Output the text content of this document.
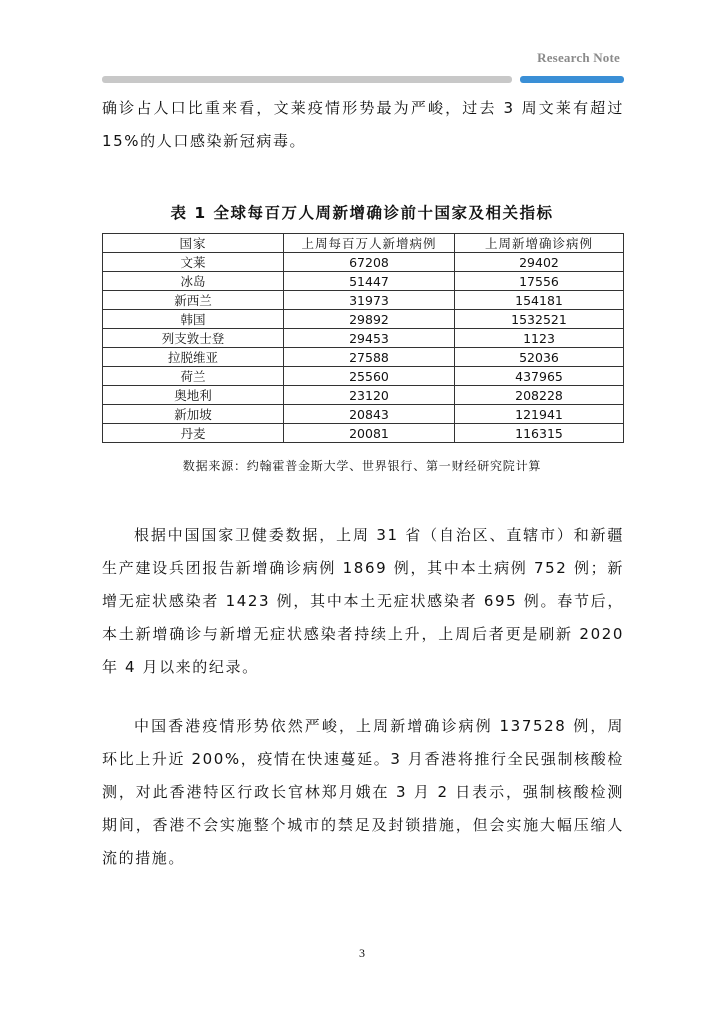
Research Note

确诊占人口比重来看，文莱疫情形势最为严峻，过去 3 周文莱有超过 15%的人口感染新冠病毒。

表 1 全球每百万人周新增确诊前十国家及相关指标
国家	上周每百万人新增病例	上周新增确诊病例
文莱	67208	29402
冰岛	51447	17556
新西兰	31973	154181
韩国	29892	1532521
列支敦士登	29453	1123
拉脱维亚	27588	52036
荷兰	25560	437965
奥地利	23120	208228
新加坡	20843	121941
丹麦	20081	116315
数据来源：约翰霍普金斯大学、世界银行、第一财经研究院计算

根据中国国家卫健委数据，上周 31 省（自治区、直辖市）和新疆生产建设兵团报告新增确诊病例 1869 例，其中本土病例 752 例；新增无症状感染者 1423 例，其中本土无症状感染者 695 例。春节后，本土新增确诊与新增无症状感染者持续上升，上周后者更是刷新 2020 年 4 月以来的纪录。

中国香港疫情形势依然严峻，上周新增确诊病例 137528 例，周环比上升近 200%，疫情在快速蔓延。3 月香港将推行全民强制核酸检测，对此香港特区行政长官林郑月娥在 3 月 2 日表示，强制核酸检测期间，香港不会实施整个城市的禁足及封锁措施，但会实施大幅压缩人流的措施。

3
